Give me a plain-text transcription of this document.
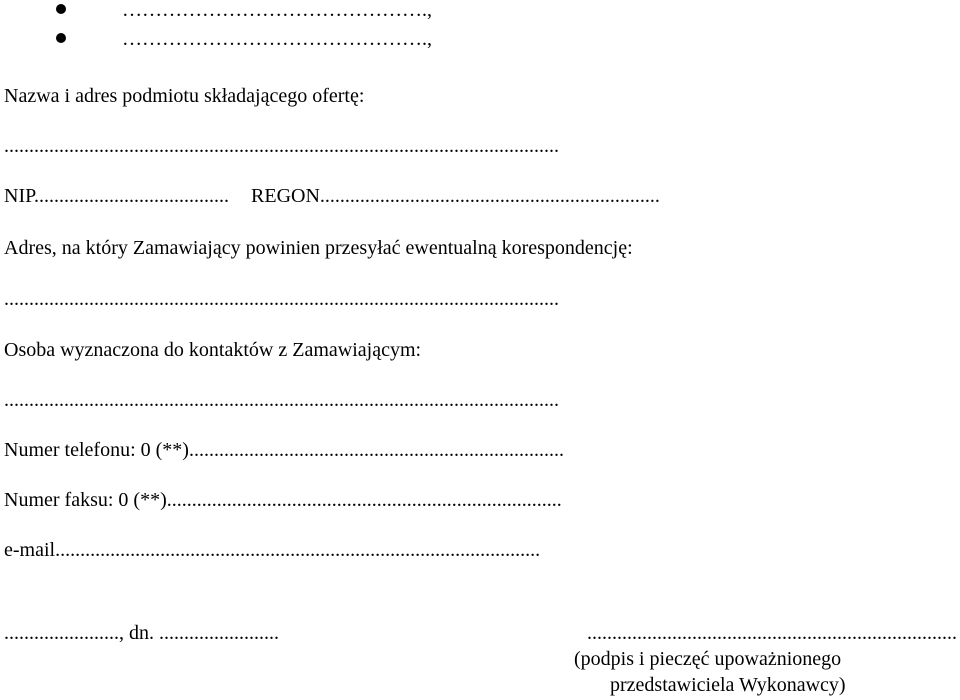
……………………………………….,
……………………………………….,
Nazwa i adres podmiotu składającego ofertę:
...............................................................................................................
NIP....................................... REGON....................................................................
Adres, na który Zamawiający powinien przesyłać ewentualną korespondencję:
...............................................................................................................
Osoba wyznaczona do kontaktów z Zamawiającym:
...............................................................................................................
Numer telefonu: 0 (**)...........................................................................
Numer faksu: 0 (**)...............................................................................
e-mail.................................................................................................
......................., dn. ........................	..........................................................................
(podpis i pieczęć upoważnionego
przedstawiciela Wykonawcy)
